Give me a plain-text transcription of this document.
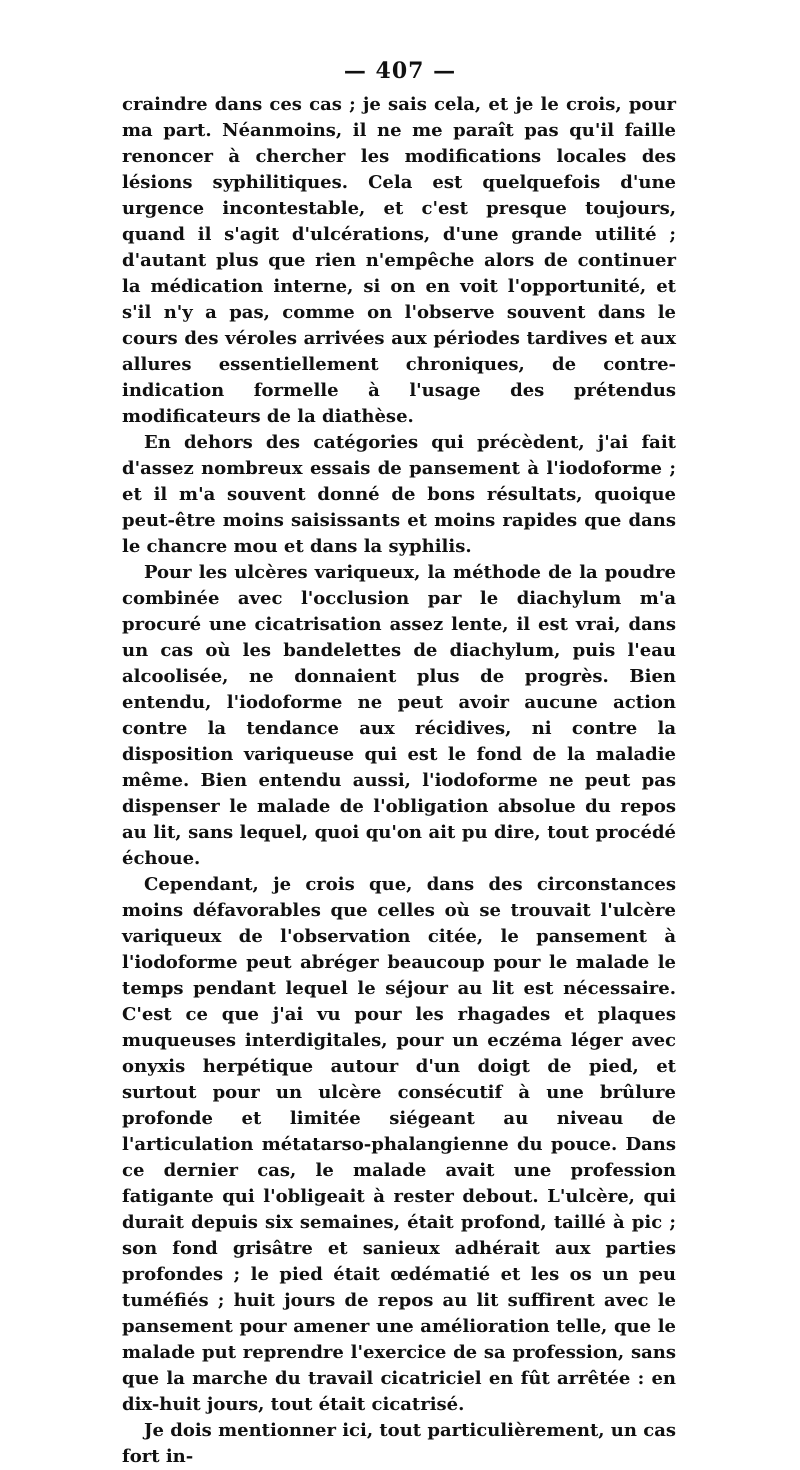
— 407 —

craindre dans ces cas ; je sais cela, et je le crois, pour ma part. Néanmoins, il ne me paraît pas qu'il faille renoncer à chercher les modifications locales des lésions syphilitiques. Cela est quelquefois d'une urgence incontestable, et c'est presque toujours, quand il s'agit d'ulcérations, d'une grande utilité ; d'autant plus que rien n'empêche alors de continuer la médication interne, si on en voit l'opportunité, et s'il n'y a pas, comme on l'observe souvent dans le cours des véroles arrivées aux périodes tardives et aux allures essentiellement chroniques, de contre-indication formelle à l'usage des prétendus modificateurs de la diathèse.

En dehors des catégories qui précèdent, j'ai fait d'assez nombreux essais de pansement à l'iodoforme ; et il m'a souvent donné de bons résultats, quoique peut-être moins saisissants et moins rapides que dans le chancre mou et dans la syphilis.

Pour les ulcères variqueux, la méthode de la poudre combinée avec l'occlusion par le diachylum m'a procuré une cicatrisation assez lente, il est vrai, dans un cas où les bandelettes de diachylum, puis l'eau alcoolisée, ne donnaient plus de progrès. Bien entendu, l'iodoforme ne peut avoir aucune action contre la tendance aux récidives, ni contre la disposition variqueuse qui est le fond de la maladie même. Bien entendu aussi, l'iodoforme ne peut pas dispenser le malade de l'obligation absolue du repos au lit, sans lequel, quoi qu'on ait pu dire, tout procédé échoue.

Cependant, je crois que, dans des circonstances moins défavorables que celles où se trouvait l'ulcère variqueux de l'observation citée, le pansement à l'iodoforme peut abréger beaucoup pour le malade le temps pendant lequel le séjour au lit est nécessaire. C'est ce que j'ai vu pour les rhagades et plaques muqueuses interdigitales, pour un eczéma léger avec onyxis herpétique autour d'un doigt de pied, et surtout pour un ulcère consécutif à une brûlure profonde et limitée siégeant au niveau de l'articulation métatarso-phalangienne du pouce. Dans ce dernier cas, le malade avait une profession fatigante qui l'obligeait à rester debout. L'ulcère, qui durait depuis six semaines, était profond, taillé à pic ; son fond grisâtre et sanieux adhérait aux parties profondes ; le pied était œdématié et les os un peu tuméfiés ; huit jours de repos au lit suffirent avec le pansement pour amener une amélioration telle, que le malade put reprendre l'exercice de sa profession, sans que la marche du travail cicatriciel en fût arrêtée : en dix-huit jours, tout était cicatrisé.

Je dois mentionner ici, tout particulièrement, un cas fort in-
